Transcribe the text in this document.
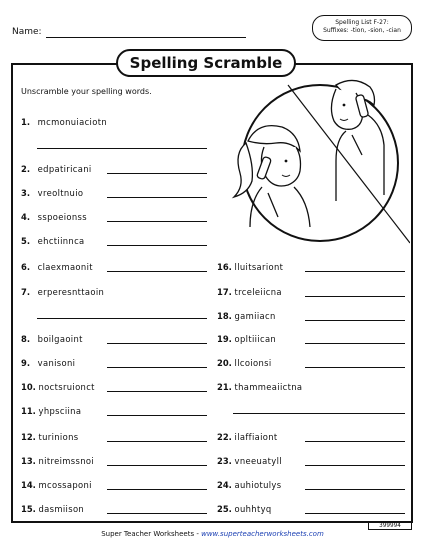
Name:
Spelling List F-27:
Suffixes: -tion, -sion, -cian
Spelling Scramble
Unscramble your spelling words.
1. mcmonuiaciotn
2. edpatiricani
3. vreoltnuio
4. sspoeionss
5. ehctiinnca
6. claexmaonit
7. erperesnttaoin
8. boilgaoint
9. vanisoni
10. noctsruionct
11. yhpsciina
12. turinions
13. nitreimssnoi
14. mcossaponi
15. dasmiison
16. lluitsariont
17. trceleiicna
18. gamiiacn
19. opltiiican
20. llcoionsi
21. thammeaiictna
22. ilaffiaiont
23. vneeuatyll
24. auhiotulys
25. ouhhtyq
399994
Super Teacher Worksheets - www.superteacherworksheets.com
